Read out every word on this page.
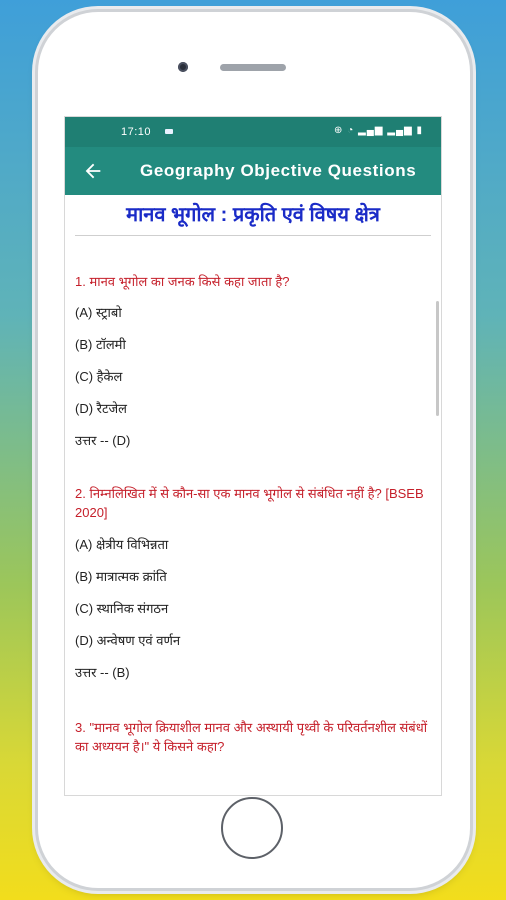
17:10	⊕ ◔ ▂▄▆ ▂▄▆ ▮
Geography Objective Questions
मानव भूगोल : प्रकृति एवं विषय क्षेत्र

1. मानव भूगोल का जनक किसे कहा जाता है?

(A) स्ट्राबो

(B) टॉलमी

(C) हैकेल

(D) रैटजेल

उत्तर -- (D)

2. निम्नलिखित में से कौन-सा एक मानव भूगोल से संबंधित नहीं है? [BSEB 2020]

(A) क्षेत्रीय विभिन्नता

(B) मात्रात्मक क्रांति

(C) स्थानिक संगठन

(D) अन्वेषण एवं वर्णन

उत्तर -- (B)

3. "मानव भूगोल क्रियाशील मानव और अस्थायी पृथ्वी के परिवर्तनशील संबंधों का अध्ययन है।" ये किसने कहा?
